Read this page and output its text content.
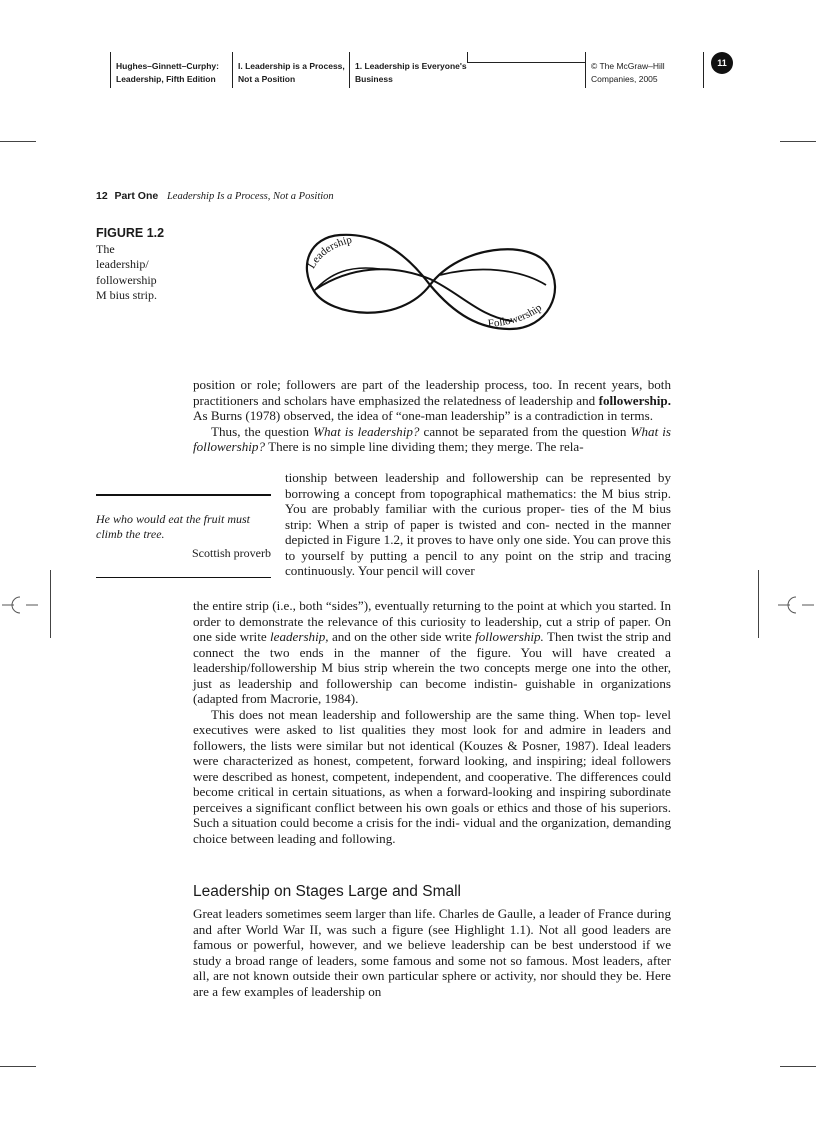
Hughes–Ginnett–Curphy:
Leadership, Fifth Edition
I. Leadership is a Process,
Not a Position
1. Leadership is Everyone's
Business
© The McGraw–Hill
Companies, 2005
11
12 Part One Leadership Is a Process, Not a Position
FIGURE 1.2
The
leadership/
followership
M bius strip.
Leadership
Followership

position or role; followers are part of the leadership process, too. In recent years, both practitioners and scholars have emphasized the relatedness of leadership and followership. As Burns (1978) observed, the idea of “one-man leadership” is a contradiction in terms.

Thus, the question What is leadership? cannot be separated from the question What is followership? There is no simple line dividing them; they merge. The rela-

He who would eat the fruit must climb the tree.
Scottish proverb

tionship between leadership and followership can be represented by borrowing a concept from topographical mathematics: the M bius strip. You are probably familiar with the curious proper- ties of the M bius strip: When a strip of paper is twisted and con- nected in the manner depicted in Figure 1.2, it proves to have only one side. You can prove this to yourself by putting a pencil to any point on the strip and tracing continuously. Your pencil will cover

the entire strip (i.e., both “sides”), eventually returning to the point at which you started. In order to demonstrate the relevance of this curiosity to leadership, cut a strip of paper. On one side write leadership, and on the other side write followership. Then twist the strip and connect the two ends in the manner of the figure. You will have created a leadership/followership M bius strip wherein the two concepts merge one into the other, just as leadership and followership can become indistin- guishable in organizations (adapted from Macrorie, 1984).

This does not mean leadership and followership are the same thing. When top- level executives were asked to list qualities they most look for and admire in leaders and followers, the lists were similar but not identical (Kouzes & Posner, 1987). Ideal leaders were characterized as honest, competent, forward looking, and inspiring; ideal followers were described as honest, competent, independent, and cooperative. The differences could become critical in certain situations, as when a forward-looking and inspiring subordinate perceives a significant conflict between his own goals or ethics and those of his superiors. Such a situation could become a crisis for the indi- vidual and the organization, demanding choice between leading and following.

Leadership on Stages Large and Small

Great leaders sometimes seem larger than life. Charles de Gaulle, a leader of France during and after World War II, was such a figure (see Highlight 1.1). Not all good leaders are famous or powerful, however, and we believe leadership can be best understood if we study a broad range of leaders, some famous and some not so famous. Most leaders, after all, are not known outside their own particular sphere or activity, nor should they be. Here are a few examples of leadership on
